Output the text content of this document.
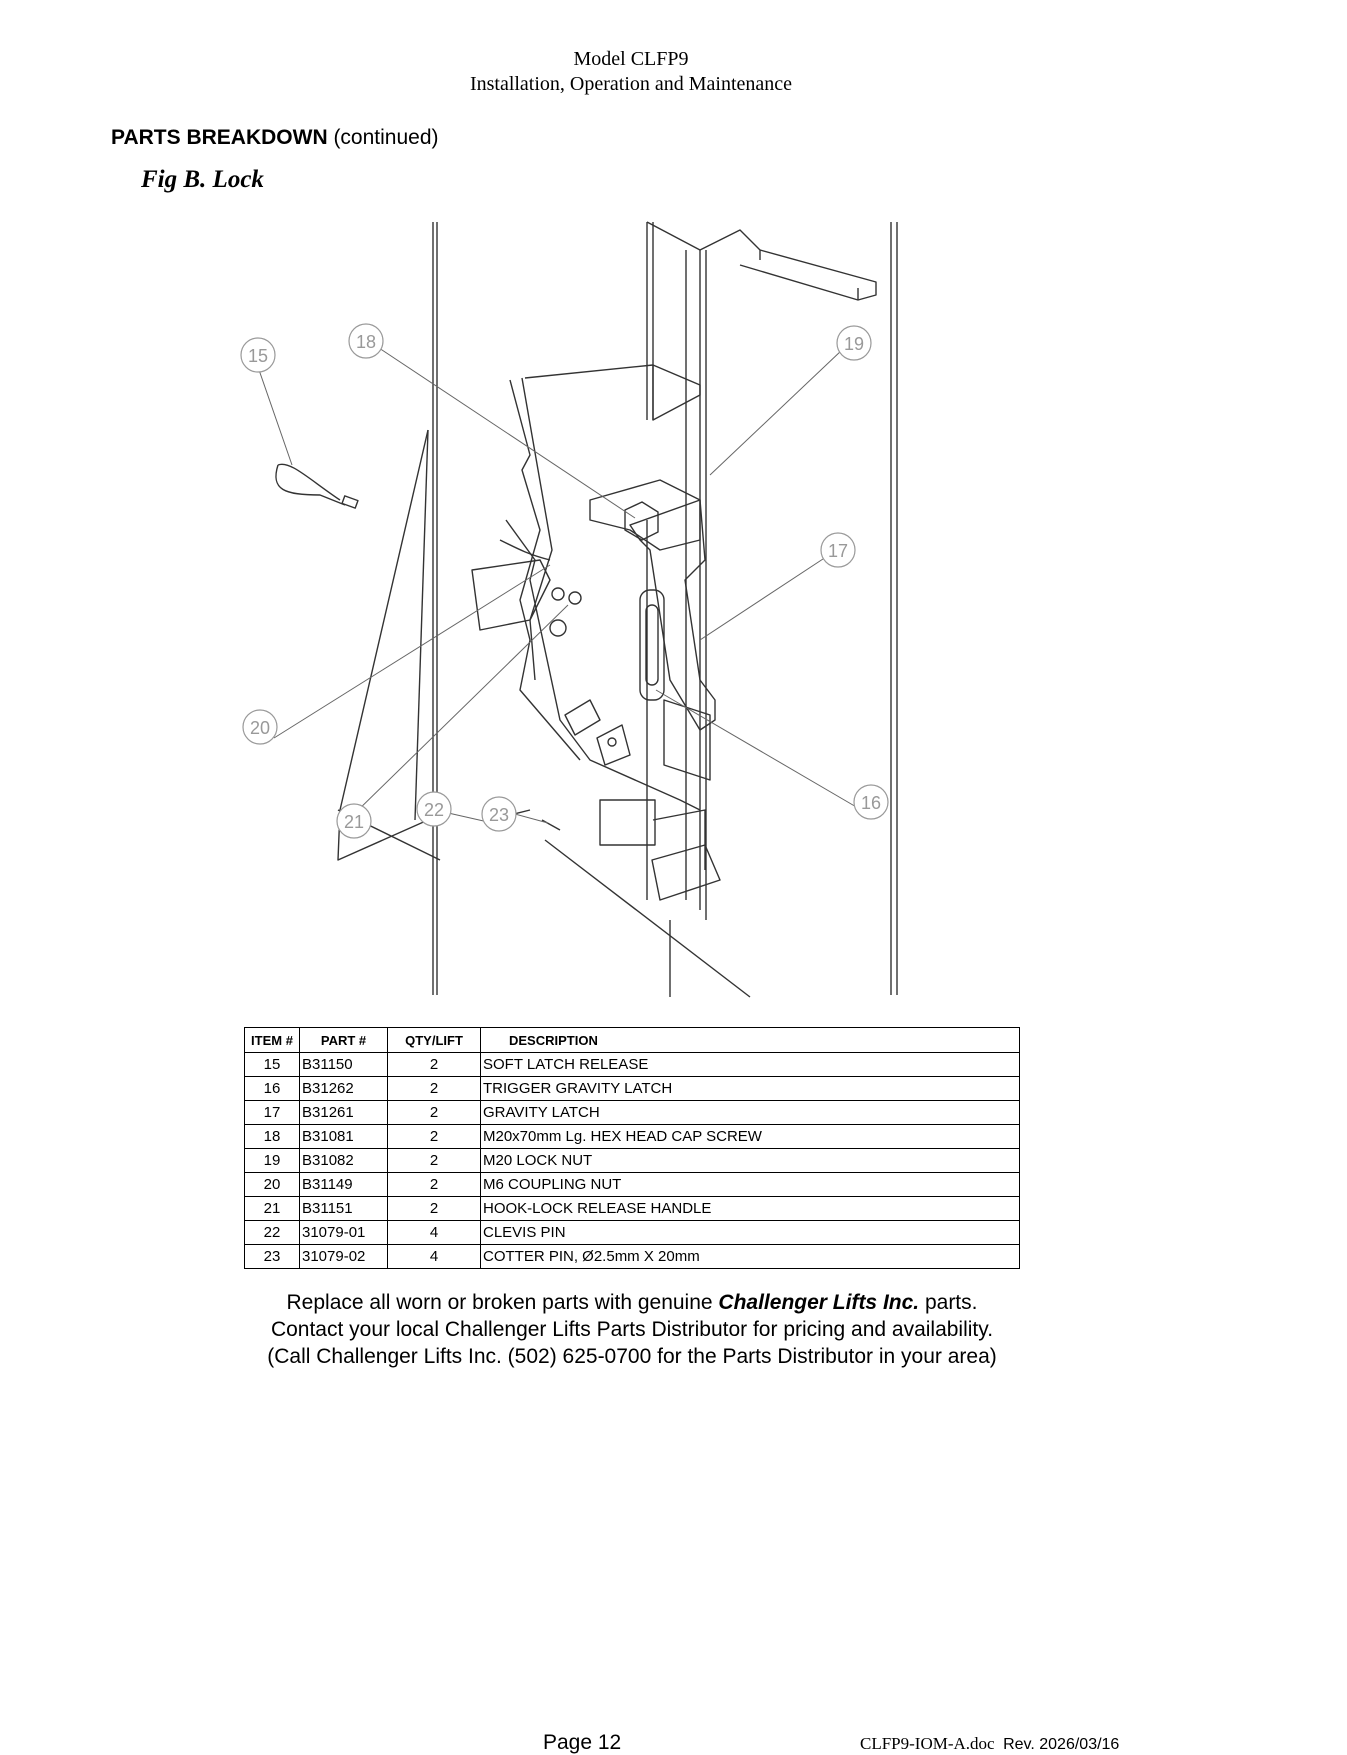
Model CLFP9
Installation, Operation and Maintenance
PARTS BREAKDOWN (continued)
Fig B. Lock
15
18	19
17
20
16
21
22 23
ITEM #	PART #	QTY/LIFT	DESCRIPTION
15	B31150	2	SOFT LATCH RELEASE
16	B31262	2	TRIGGER GRAVITY LATCH
17	B31261	2	GRAVITY LATCH
18	B31081	2	M20x70mm Lg. HEX HEAD CAP SCREW
19	B31082	2	M20 LOCK NUT
20	B31149	2	M6 COUPLING NUT
21	B31151	2	HOOK-LOCK RELEASE HANDLE
22	31079-01	4	CLEVIS PIN
23	31079-02	4	COTTER PIN, Ø2.5mm X 20mm
Replace all worn or broken parts with genuine Challenger Lifts Inc. parts.
Contact your local Challenger Lifts Parts Distributor for pricing and availability.
(Call Challenger Lifts Inc. (502) 625-0700 for the Parts Distributor in your area)
Page 12	CLFP9-IOM-A.doc Rev. 2026/03/16
